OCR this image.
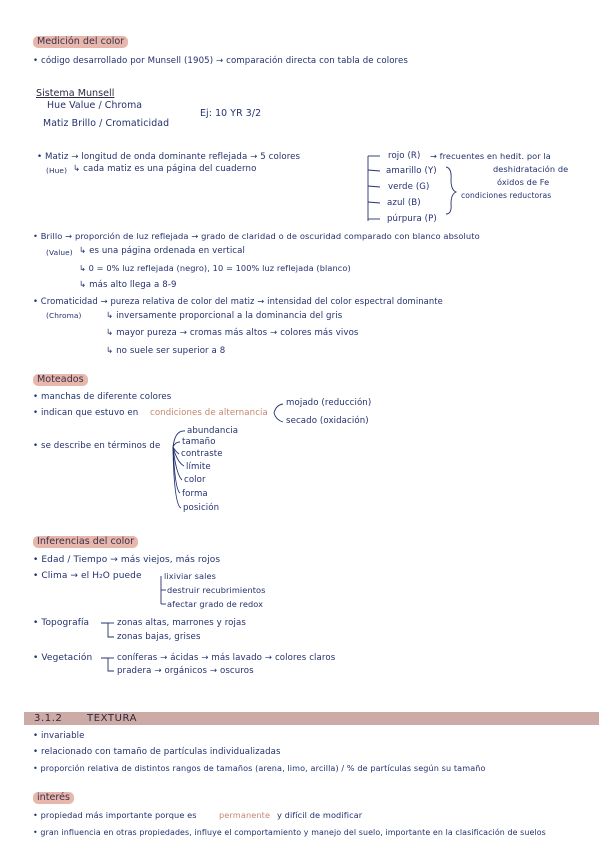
Medición del color
• código desarrollado por Munsell (1905) → comparación directa con tabla de colores
Sistema Munsell
Hue Value / Chroma
Matiz Brillo / Cromaticidad
Ej: 10 YR 3/2
• Matiz → longitud de onda dominante reflejada → 5 colores
(Hue) ↳ cada matiz es una página del cuaderno
rojo (R)
amarillo (Y)
verde (G)
azul (B)
púrpura (P)
→ frecuentes en hedit. por la
deshidratación de
óxidos de Fe
condiciones reductoras
• Brillo → proporción de luz reflejada → grado de claridad o de oscuridad comparado con blanco absoluto
(Value) ↳ es una página ordenada en vertical
↳ 0 = 0% luz reflejada (negro), 10 = 100% luz reflejada (blanco)
↳ más alto llega a 8-9
• Cromaticidad → pureza relativa de color del matiz → intensidad del color espectral dominante
(Chroma)	↳ inversamente proporcional a la dominancia del gris
↳ mayor pureza → cromas más altos → colores más vivos
↳ no suele ser superior a 8
Moteados
• manchas de diferente colores
• indican que estuvo en condiciones de alternancia
mojado (reducción)
secado (oxidación)
• se describe en términos de
abundancia
tamaño
contraste
límite
color
forma
posición
Inferencias del color
• Edad / Tiempo → más viejos, más rojos
• Clima → el H₂O puede	lixiviar sales
destruir recubrimientos
afectar grado de redox
• Topografía	zonas altas, marrones y rojas
zonas bajas, grises
• Vegetación	coníferas → ácidas → más lavado → colores claros
pradera → orgánicos → oscuros
3.1.2 TEXTURA
• invariable
• relacionado con tamaño de partículas individualizadas
• proporción relativa de distintos rangos de tamaños (arena, limo, arcilla) / % de partículas según su tamaño
interés
• propiedad más importante porque es	permanente y difícil de modificar
• gran influencia en otras propiedades, influye el comportamiento y manejo del suelo, importante en la clasificación de suelos
